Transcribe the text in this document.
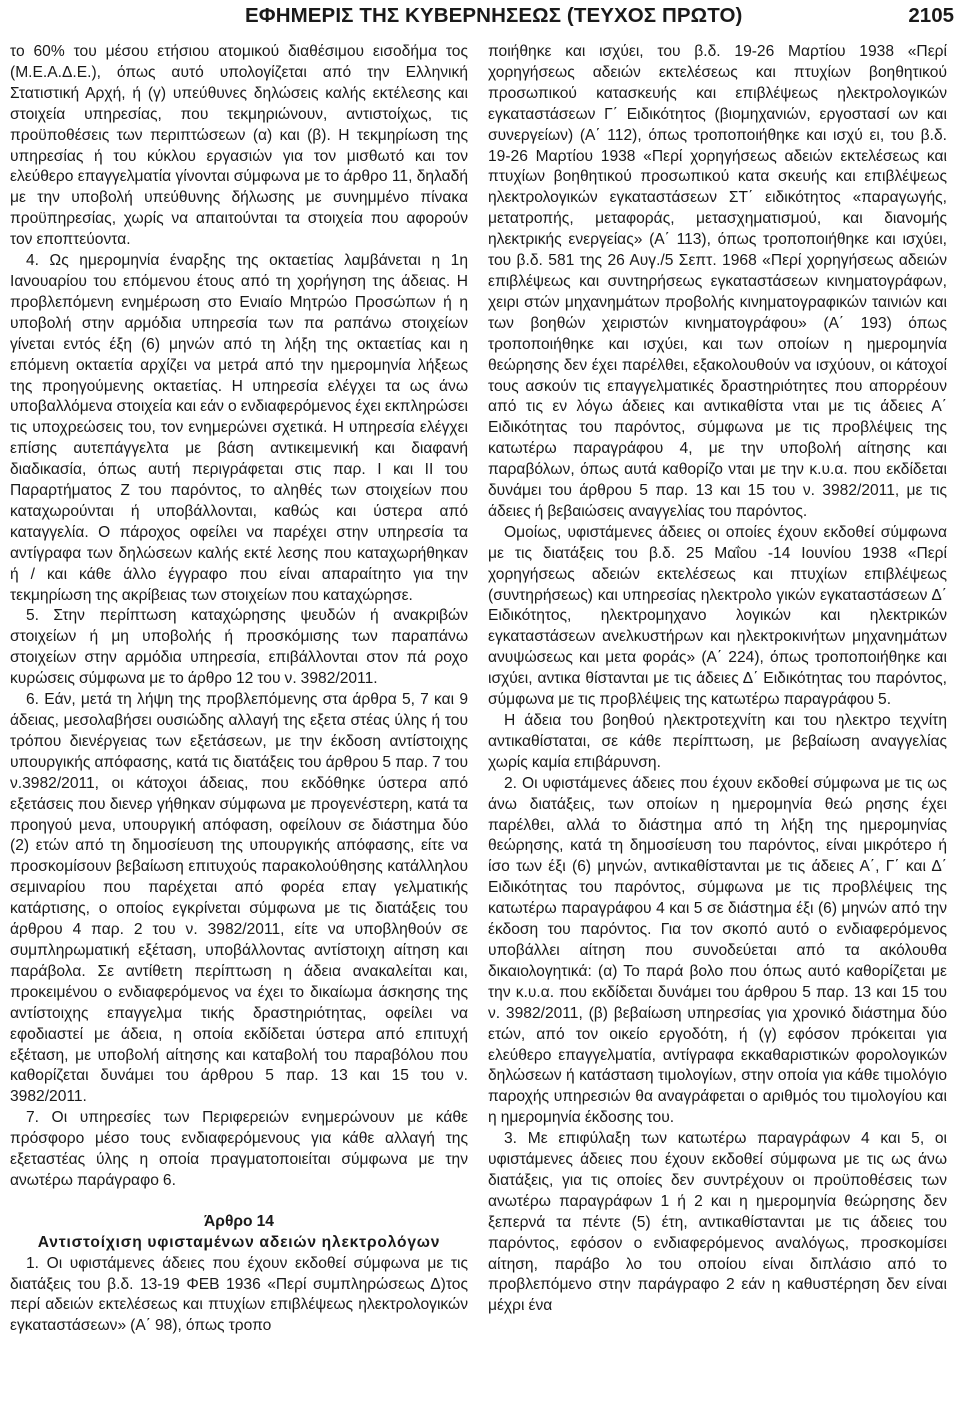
ΕΦΗΜΕΡΙΣ ΤΗΣ ΚΥΒΕΡΝΗΣΕΩΣ (ΤΕΥΧΟΣ ΠΡΩΤΟ)	2105

το 60% του μέσου ετήσιου ατομικού διαθέσιμου εισοδήμα τος (Μ.Ε.Α.Δ.Ε.), όπως αυτό υπολογίζεται από την Ελληνική Στατιστική Αρχή, ή (γ) υπεύθυνες δηλώσεις καλής εκτέλεσης και στοιχεία υπηρεσίας, που τεκμηριώνουν, αντιστοίχως, τις προϋποθέσεις των περιπτώσεων (α) και (β). Η τεκμηρίωση της υπηρεσίας ή του κύκλου εργασιών για τον μισθωτό και τον ελεύθερο επαγγελματία γίνονται σύμφωνα με το άρθρο 11, δηλαδή με την υποβολή υπεύθυνης δήλωσης με συνημμένο πίνακα προϋπηρεσίας, χωρίς να απαιτούνται τα στοιχεία που αφορούν τον εποπτεύοντα.

4. Ως ημερομηνία έναρξης της οκταετίας λαμβάνεται η 1η Ιανουαρίου του επόμενου έτους από τη χορήγηση της άδειας. Η προβλεπόμενη ενημέρωση στο Ενιαίο Μητρώο Προσώπων ή η υποβολή στην αρμόδια υπηρεσία των πα ραπάνω στοιχείων γίνεται εντός έξη (6) μηνών από τη λήξη της οκταετίας και η επόμενη οκταετία αρχίζει να μετρά από την ημερομηνία λήξεως της προηγούμενης οκταετίας. Η υπηρεσία ελέγχει τα ως άνω υποβαλλόμενα στοιχεία και εάν ο ενδιαφερόμενος έχει εκπληρώσει τις υποχρεώσεις του, τον ενημερώνει σχετικά. Η υπηρεσία ελέγχει επίσης αυτεπάγγελτα με βάση αντικειμενική και διαφανή διαδικασία, όπως αυτή περιγράφεται στις παρ. Ι και ΙΙ του Παραρτήματος Ζ του παρόντος, το αληθές των στοιχείων που καταχωρούνται ή υποβάλλονται, καθώς και ύστερα από καταγγελία. Ο πάροχος οφείλει να παρέχει στην υπηρεσία τα αντίγραφα των δηλώσεων καλής εκτέ λεσης που καταχωρήθηκαν ή / και κάθε άλλο έγγραφο που είναι απαραίτητο για την τεκμηρίωση της ακρίβειας των στοιχείων που καταχώρησε.

5. Στην περίπτωση καταχώρησης ψευδών ή ανακριβών στοιχείων ή μη υποβολής ή προσκόμισης των παραπάνω στοιχείων στην αρμόδια υπηρεσία, επιβάλλονται στον πά ροχο κυρώσεις σύμφωνα με το άρθρο 12 του ν. 3982/2011.

6. Εάν, μετά τη λήψη της προβλεπόμενης στα άρθρα 5, 7 και 9 άδειας, μεσολαβήσει ουσιώδης αλλαγή της εξετα στέας ύλης ή του τρόπου διενέργειας των εξετάσεων, με την έκδοση αντίστοιχης υπουργικής απόφασης, κατά τις διατάξεις του άρθρου 5 παρ. 7 του ν.3982/2011, οι κάτοχοι άδειας, που εκδόθηκε ύστερα από εξετάσεις που διενερ γήθηκαν σύμφωνα με προγενέστερη, κατά τα προηγού μενα, υπουργική απόφαση, οφείλουν σε διάστημα δύο (2) ετών από τη δημοσίευση της υπουργικής απόφασης, είτε να προσκομίσουν βεβαίωση επιτυχούς παρακολούθησης κατάλληλου σεμιναρίου που παρέχεται από φορέα επαγ γελματικής κατάρτισης, ο οποίος εγκρίνεται σύμφωνα με τις διατάξεις του άρθρου 4 παρ. 2 του ν. 3982/2011, είτε να υποβληθούν σε συμπληρωματική εξέταση, υποβάλλοντας αντίστοιχη αίτηση και παράβολα. Σε αντίθετη περίπτωση η άδεια ανακαλείται και, προκειμένου ο ενδιαφερόμενος να έχει το δικαίωμα άσκησης της αντίστοιχης επαγγελμα τικής δραστηριότητας, οφείλει να εφοδιαστεί με άδεια, η οποία εκδίδεται ύστερα από επιτυχή εξέταση, με υποβολή αίτησης και καταβολή του παραβόλου που καθορίζεται δυνάμει του άρθρου 5 παρ. 13 και 15 του ν. 3982/2011.

7. Οι υπηρεσίες των Περιφερειών ενημερώνουν με κάθε πρόσφορο μέσο τους ενδιαφερόμενους για κάθε αλλαγή της εξεταστέας ύλης η οποία πραγματοποιείται σύμφωνα με την ανωτέρω παράγραφο 6.

Άρθρο 14

Αντιστοίχιση υφισταμένων αδειών ηλεκτρολόγων

1. Οι υφιστάμενες άδειες που έχουν εκδοθεί σύμφωνα με τις διατάξεις του β.δ. 13-19 ΦΕΒ 1936 «Περί συμπληρώσεως Δ)τος περί αδειών εκτελέσεως και πτυχίων επιβλέψεως ηλεκτρολογικών εγκαταστάσεων» (Α΄ 98), όπως τροπο

ποιήθηκε και ισχύει, του β.δ. 19-26 Μαρτίου 1938 «Περί χορηγήσεως αδειών εκτελέσεως και πτυχίων βοηθητικού προσωπικού κατασκευής και επιβλέψεως ηλεκτρολογικών εγκαταστάσεων Γ΄ Ειδικότητος (βιομηχανιών, εργοστασί ων και συνεργείων) (Α΄ 112), όπως τροποποιήθηκε και ισχύ ει, του β.δ. 19-26 Μαρτίου 1938 «Περί χορηγήσεως αδειών εκτελέσεως και πτυχίων βοηθητικού προσωπικού κατα σκευής και επιβλέψεως ηλεκτρολογικών εγκαταστάσεων ΣΤ΄ ειδικότητος «παραγωγής, μετατροπής, μεταφοράς, μετασχηματισμού, και διανομής ηλεκτρικής ενεργείας» (Α΄ 113), όπως τροποποιήθηκε και ισχύει, του β.δ. 581 της 26 Αυγ./5 Σεπτ. 1968 «Περί χορηγήσεως αδειών επιβλέψεως και συντηρήσεως εγκαταστάσεων κινηματογράφων, χειρι στών μηχανημάτων προβολής κινηματογραφικών ταινιών και των βοηθών χειριστών κινηματογράφου» (Α΄ 193) όπως τροποποιήθηκε και ισχύει, και των οποίων η ημερομηνία θεώρησης δεν έχει παρέλθει, εξακολουθούν να ισχύουν, οι κάτοχοί τους ασκούν τις επαγγελματικές δραστηριότητες που απορρέουν από τις εν λόγω άδειες και αντικαθίστα νται με τις άδειες Α΄ Ειδικότητας του παρόντος, σύμφωνα με τις προβλέψεις της κατωτέρω παραγράφου 4, με την υποβολή αίτησης και παραβόλων, όπως αυτά καθορίζο νται με την κ.υ.α. που εκδίδεται δυνάμει του άρθρου 5 παρ. 13 και 15 του ν. 3982/2011, με τις άδειες ή βεβαιώσεις αναγγελίας του παρόντος.

Ομοίως, υφιστάμενες άδειες οι οποίες έχουν εκδοθεί σύμφωνα με τις διατάξεις του β.δ. 25 Μαΐου -14 Ιουνίου 1938 «Περί χορηγήσεως αδειών εκτελέσεως και πτυχίων επιβλέψεως (συντηρήσεως) και υπηρεσίας ηλεκτρολο γικών εγκαταστάσεων Δ΄ Ειδικότητος, ηλεκτρομηχανο λογικών και ηλεκτρικών εγκαταστάσεων ανελκυστήρων και ηλεκτροκινήτων μηχανημάτων ανυψώσεως και μετα φοράς» (Α΄ 224), όπως τροποποιήθηκε και ισχύει, αντικα θίστανται με τις άδειες Δ΄ Ειδικότητας του παρόντος, σύμφωνα με τις προβλέψεις της κατωτέρω παραγράφου 5.

Η άδεια του βοηθού ηλεκτροτεχνίτη και του ηλεκτρο τεχνίτη αντικαθίσταται, σε κάθε περίπτωση, με βεβαίωση αναγγελίας χωρίς καμία επιβάρυνση.

2. Οι υφιστάμενες άδειες που έχουν εκδοθεί σύμφωνα με τις ως άνω διατάξεις, των οποίων η ημερομηνία θεώ ρησης έχει παρέλθει, αλλά το διάστημα από τη λήξη της ημερομηνίας θεώρησης, κατά τη δημοσίευση του παρόντος, είναι μικρότερο ή ίσο των έξι (6) μηνών, αντικαθίστανται με τις άδειες Α΄, Γ΄ και Δ΄ Ειδικότητας του παρόντος, σύμφωνα με τις προβλέψεις της κατωτέρω παραγράφου 4 και 5 σε διάστημα έξι (6) μηνών από την έκδοση του παρόντος. Για τον σκοπό αυτό ο ενδιαφερόμενος υποβάλλει αίτηση που συνοδεύεται από τα ακόλουθα δικαιολογητικά: (α) Το παρά βολο που όπως αυτό καθορίζεται με την κ.υ.α. που εκδίδεται δυνάμει του άρθρου 5 παρ. 13 και 15 του ν. 3982/2011, (β) βεβαίωση υπηρεσίας για χρονικό διάστημα δύο ετών, από τον οικείο εργοδότη, ή (γ) εφόσον πρόκειται για ελεύθερο επαγγελματία, αντίγραφα εκκαθαριστικών φορολογικών δηλώσεων ή κατάσταση τιμολογίων, στην οποία για κάθε τιμολόγιο παροχής υπηρεσιών θα αναγράφεται ο αριθμός του τιμολογίου και η ημερομηνία έκδοσης του.

3. Με επιφύλαξη των κατωτέρω παραγράφων 4 και 5, οι υφιστάμενες άδειες που έχουν εκδοθεί σύμφωνα με τις ως άνω διατάξεις, για τις οποίες δεν συντρέχουν οι προϋποθέσεις των ανωτέρω παραγράφων 1 ή 2 και η ημερομηνία θεώρησης δεν ξεπερνά τα πέντε (5) έτη, αντικαθίστανται με τις άδειες του παρόντος, εφόσον ο ενδιαφερόμενος αναλόγως, προσκομίσει αίτηση, παράβο λο του οποίου είναι διπλάσιο από το προβλεπόμενο στην παράγραφο 2 εάν η καθυστέρηση δεν είναι μέχρι ένα
